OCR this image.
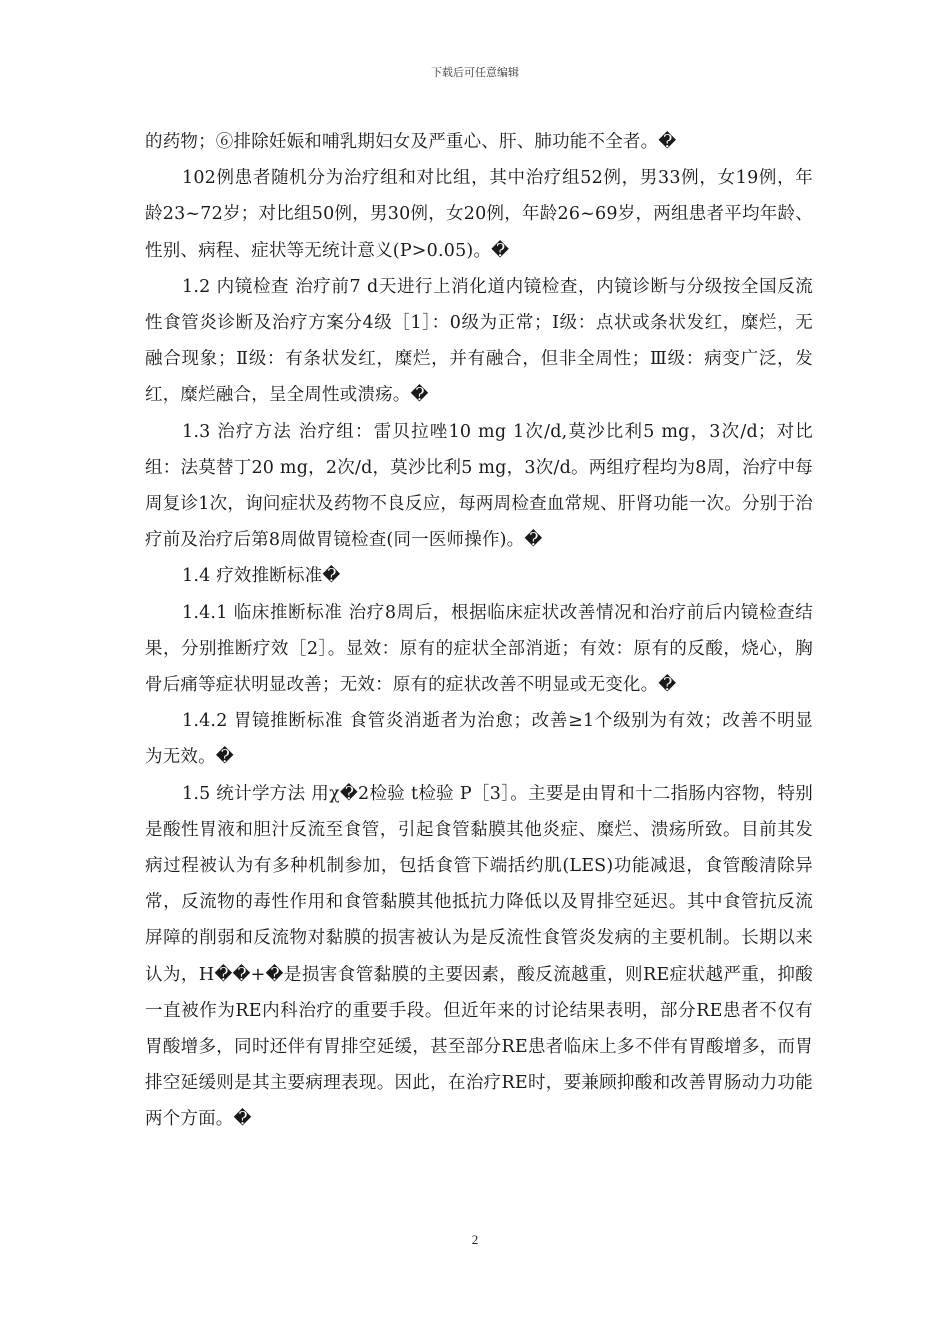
下载后可任意编辑

的药物；⑥排除妊娠和哺乳期妇女及严重心、肝、肺功能不全者。�

102例患者随机分为治疗组和对比组，其中治疗组52例，男33例，女19例，年龄23~72岁；对比组50例，男30例，女20例，年龄26~69岁，两组患者平均年龄、性别、病程、症状等无统计意义(P>0.05)。�

1.2 内镜检查 治疗前7 d天进行上消化道内镜检查，内镜诊断与分级按全国反流性食管炎诊断及治疗方案分4级［1］：0级为正常；Ⅰ级：点状或条状发红，糜烂，无融合现象；Ⅱ级：有条状发红，糜烂，并有融合，但非全周性；Ⅲ级：病变广泛，发红，糜烂融合，呈全周性或溃疡。�

1.3 治疗方法 治疗组：雷贝拉唑10 mg 1次/d,莫沙比利5 mg，3次/d；对比组：法莫替丁20 mg，2次/d，莫沙比利5 mg，3次/d。两组疗程均为8周，治疗中每周复诊1次，询问症状及药物不良反应，每两周检查血常规、肝肾功能一次。分别于治疗前及治疗后第8周做胃镜检查(同一医师操作)。�

1.4 疗效推断标准�

1.4.1 临床推断标准 治疗8周后，根据临床症状改善情况和治疗前后内镜检查结果，分别推断疗效［2］。显效：原有的症状全部消逝；有效：原有的反酸，烧心，胸骨后痛等症状明显改善；无效：原有的症状改善不明显或无变化。�

1.4.2 胃镜推断标准 食管炎消逝者为治愈；改善≥1个级别为有效；改善不明显为无效。�

1.5 统计学方法 用χ�2检验 t检验 P［3］。主要是由胃和十二指肠内容物，特别是酸性胃液和胆汁反流至食管，引起食管黏膜其他炎症、糜烂、溃疡所致。目前其发病过程被认为有多种机制参加，包括食管下端括约肌(LES)功能减退，食管酸清除异常，反流物的毒性作用和食管黏膜其他抵抗力降低以及胃排空延迟。其中食管抗反流屏障的削弱和反流物对黏膜的损害被认为是反流性食管炎发病的主要机制。长期以来认为，H��+�是损害食管黏膜的主要因素，酸反流越重，则RE症状越严重，抑酸一直被作为RE内科治疗的重要手段。但近年来的讨论结果表明，部分RE患者不仅有胃酸增多，同时还伴有胃排空延缓，甚至部分RE患者临床上多不伴有胃酸增多，而胃排空延缓则是其主要病理表现。因此，在治疗RE时，要兼顾抑酸和改善胃肠动力功能两个方面。�

2
